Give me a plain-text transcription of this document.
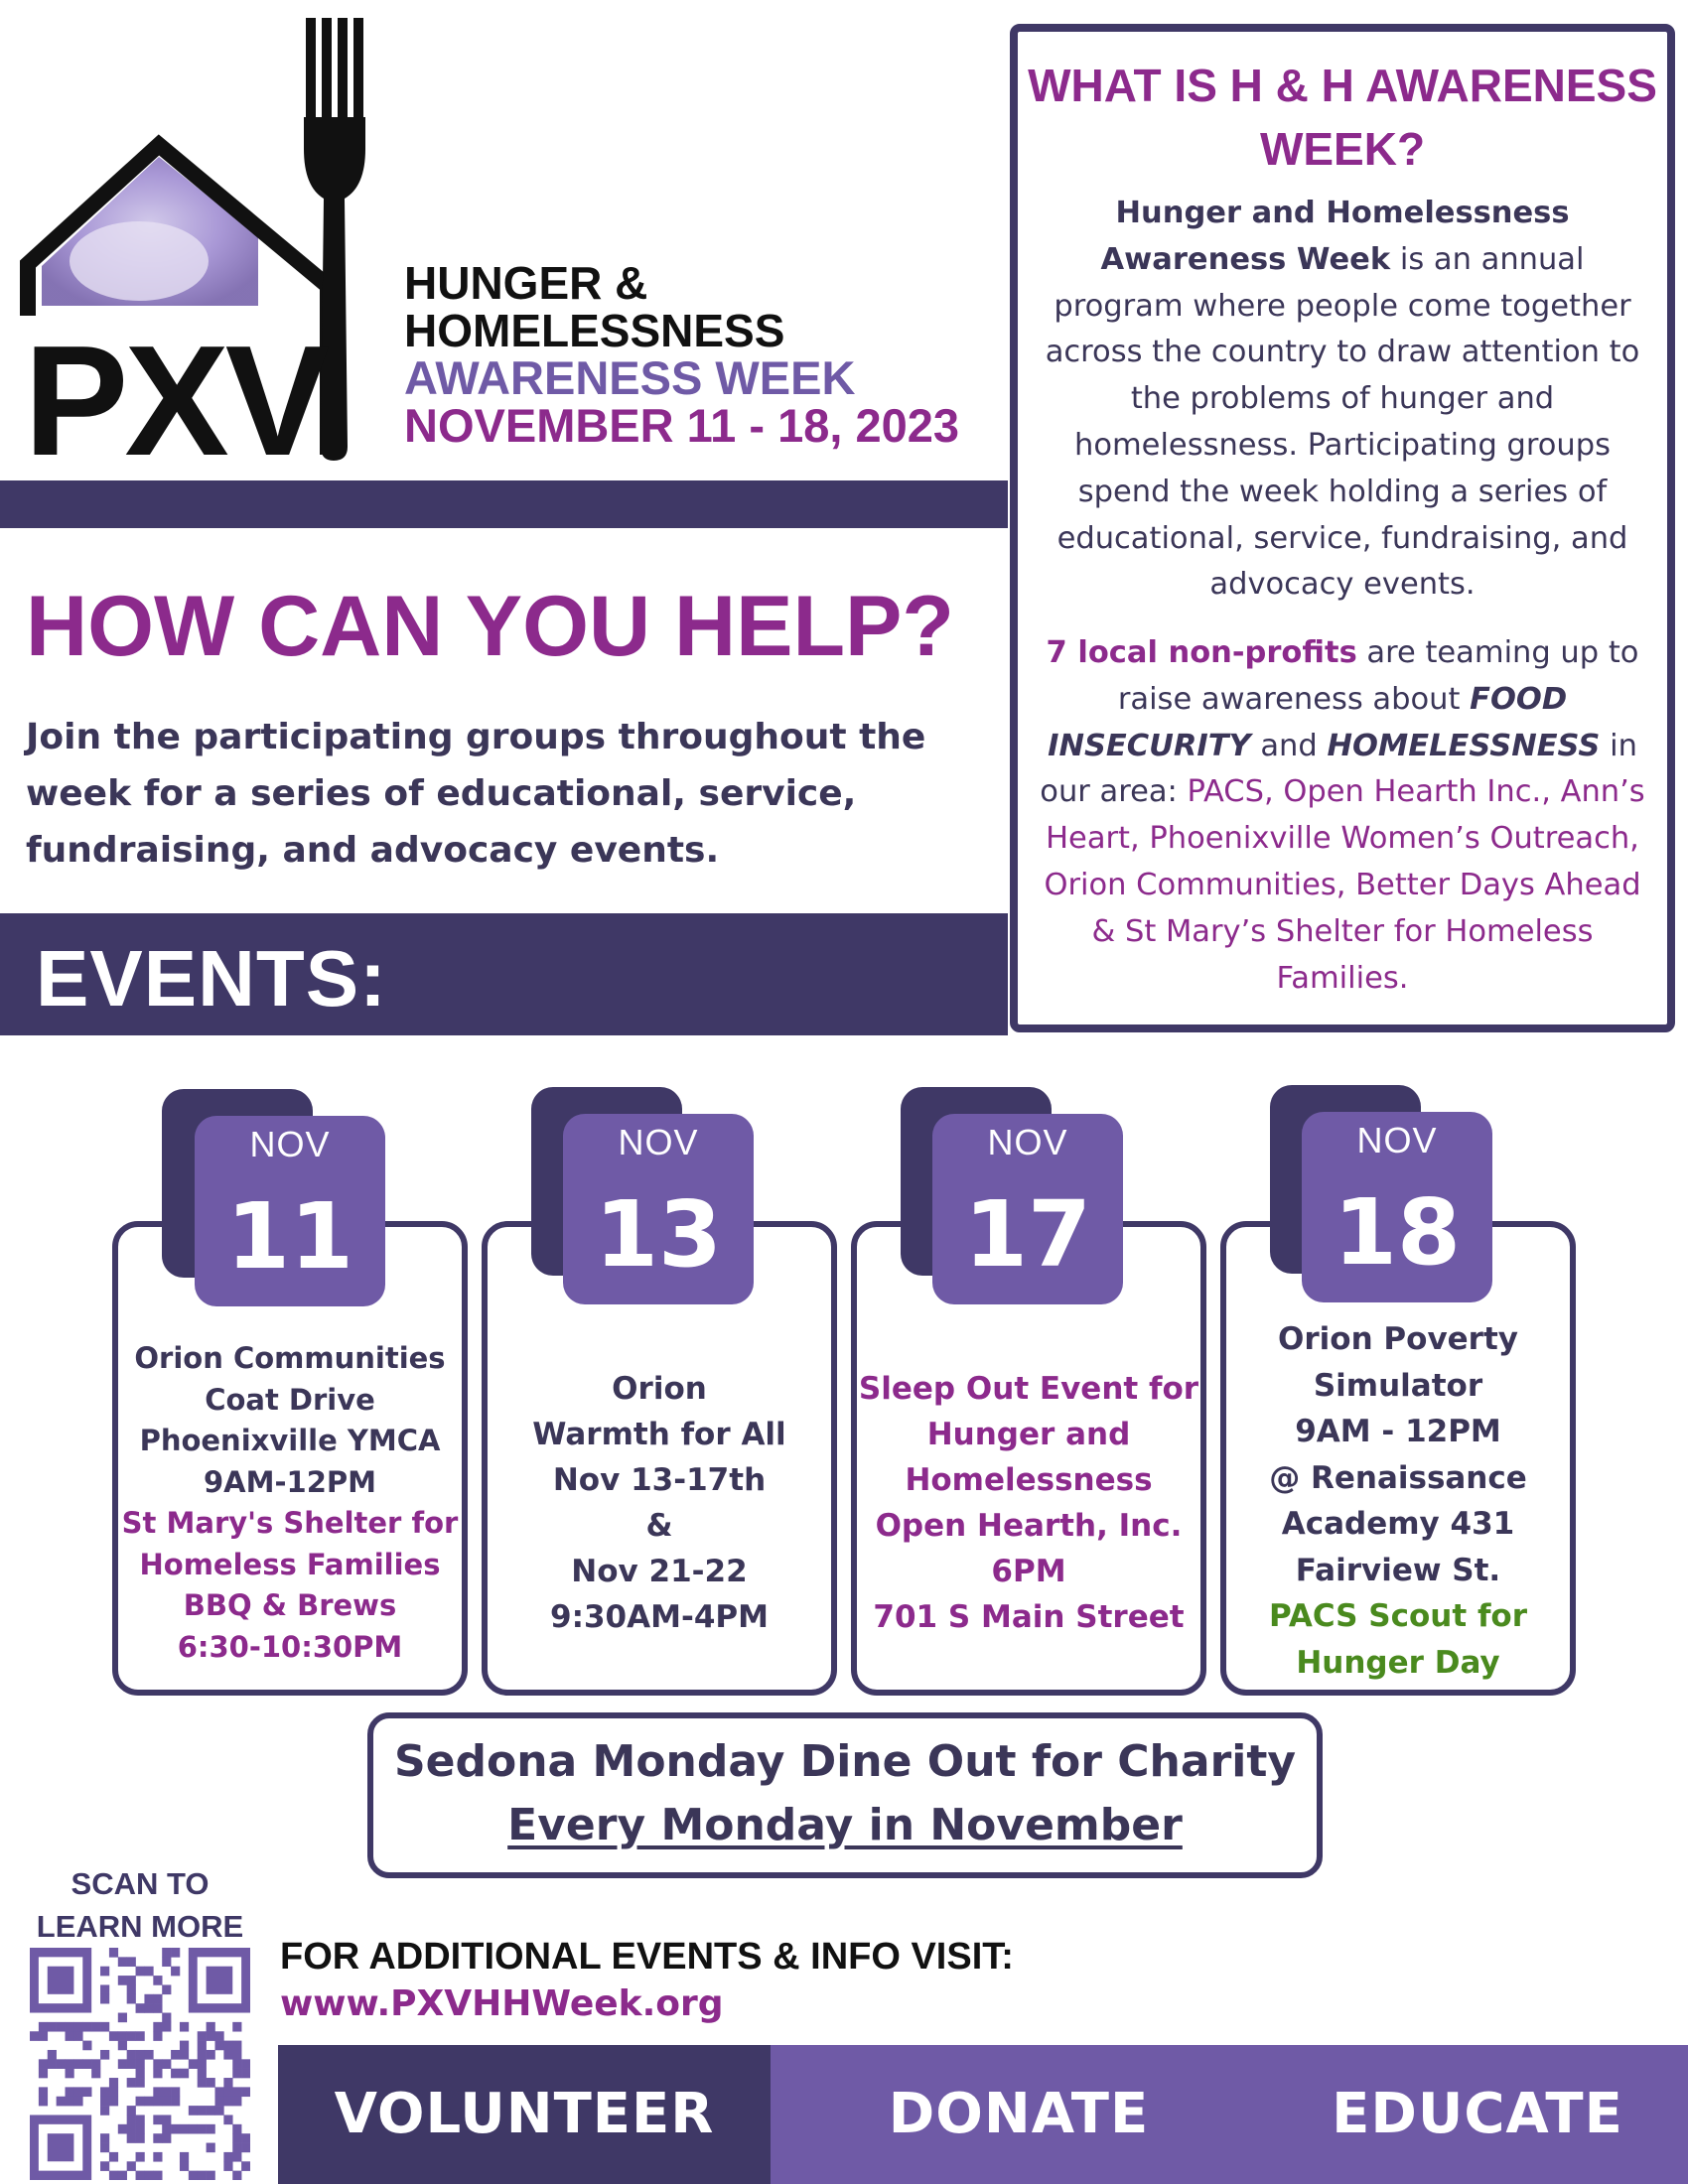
PXV
HUNGER &
HOMELESSNESS
AWARENESS WEEK
NOVEMBER 11 - 18, 2023
HOW CAN YOU HELP?
Join the participating groups throughout the week for a series of educational, service, fundraising, and advocacy events.
EVENTS:
WHAT IS H & H AWARENESS WEEK?
Hunger and Homelessness Awareness Week is an annual program where people come together across the country to draw attention to the problems of hunger and homelessness. Participating groups spend the week holding a series of educational, service, fundraising, and advocacy events.
7 local non-profits are teaming up to raise awareness about FOOD INSECURITY and HOMELESSNESS in our area: PACS, Open Hearth Inc., Ann’s Heart, Phoenixville Women’s Outreach, Orion Communities, Better Days Ahead & St Mary’s Shelter for Homeless Families.
Orion Communities
Coat Drive
Phoenixville YMCA
9AM-12PM
St Mary's Shelter for
Homeless Families
BBQ & Brews
6:30-10:30PM
NOV
11
Orion
Warmth for All
Nov 13-17th
&
Nov 21-22
9:30AM-4PM
NOV
13
Sleep Out Event for
Hunger and
Homelessness
Open Hearth, Inc.
6PM
701 S Main Street
NOV
17
Orion Poverty
Simulator
9AM - 12PM
@ Renaissance
Academy 431
Fairview St.
PACS Scout for
Hunger Day
NOV
18
Sedona Monday Dine Out for Charity
Every Monday in November
SCAN TO LEARN MORE
FOR ADDITIONAL EVENTS & INFO VISIT:
www.PXVHHWeek.org
VOLUNTEER	DONATE	EDUCATE
